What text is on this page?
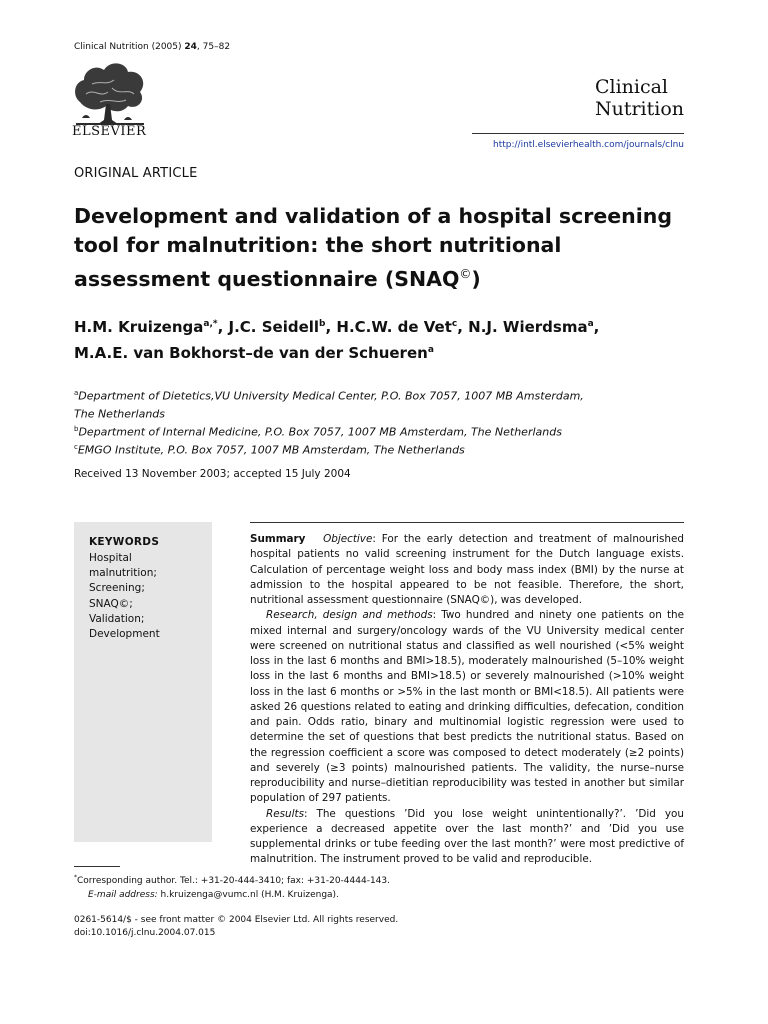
Clinical Nutrition (2005) 24, 75–82
ELSEVIER
Clinical
Nutrition
http://intl.elsevierhealth.com/journals/clnu
ORIGINAL ARTICLE
Development and validation of a hospital screening tool for malnutrition: the short nutritional assessment questionnaire (SNAQ©)
H.M. Kruizenga$^{a,*}$, J.C. Seidell$^b$, H.C.W. de Vet$^c$, N.J. Wierdsma$^a$,
M.A.E. van Bokhorst–de van der Schueren$^a$
$^a$Department of Dietetics,VU University Medical Center, P.O. Box 7057, 1007 MB Amsterdam,
The Netherlands
$^b$Department of Internal Medicine, P.O. Box 7057, 1007 MB Amsterdam, The Netherlands
$^c$EMGO Institute, P.O. Box 7057, 1007 MB Amsterdam, The Netherlands
Received 13 November 2003; accepted 15 July 2004
KEYWORDS
Hospital
malnutrition;
Screening;
SNAQ©;
Validation;
Development

Summary Objective: For the early detection and treatment of malnourished hospital patients no valid screening instrument for the Dutch language exists. Calculation of percentage weight loss and body mass index (BMI) by the nurse at admission to the hospital appeared to be not feasible. Therefore, the short, nutritional assessment questionnaire (SNAQ©), was developed.

Research, design and methods: Two hundred and ninety one patients on the mixed internal and surgery/oncology wards of the VU University medical center were screened on nutritional status and classified as well nourished (<5% weight loss in the last 6 months and BMI>18.5), moderately malnourished (5–10% weight loss in the last 6 months and BMI>18.5) or severely malnourished (>10% weight loss in the last 6 months or >5% in the last month or BMI<18.5). All patients were asked 26 questions related to eating and drinking difficulties, defecation, condition and pain. Odds ratio, binary and multinomial logistic regression were used to determine the set of questions that best predicts the nutritional status. Based on the regression coefficient a score was composed to detect moderately (≥2 points) and severely (≥3 points) malnourished patients. The validity, the nurse–nurse reproducibility and nurse–dietitian reproducibility was tested in another but similar population of 297 patients.

Results: The questions ’Did you lose weight unintentionally?’. ’Did you experience a decreased appetite over the last month?’ and ’Did you use supplemental drinks or tube feeding over the last month?’ were most predictive of malnutrition. The instrument proved to be valid and reproducible.

*Corresponding author. Tel.: +31-20-444-3410; fax: +31-20-4444-143.
E-mail address: h.kruizenga@vumc.nl (H.M. Kruizenga).
0261-5614/$ - see front matter © 2004 Elsevier Ltd. All rights reserved.
doi:10.1016/j.clnu.2004.07.015
